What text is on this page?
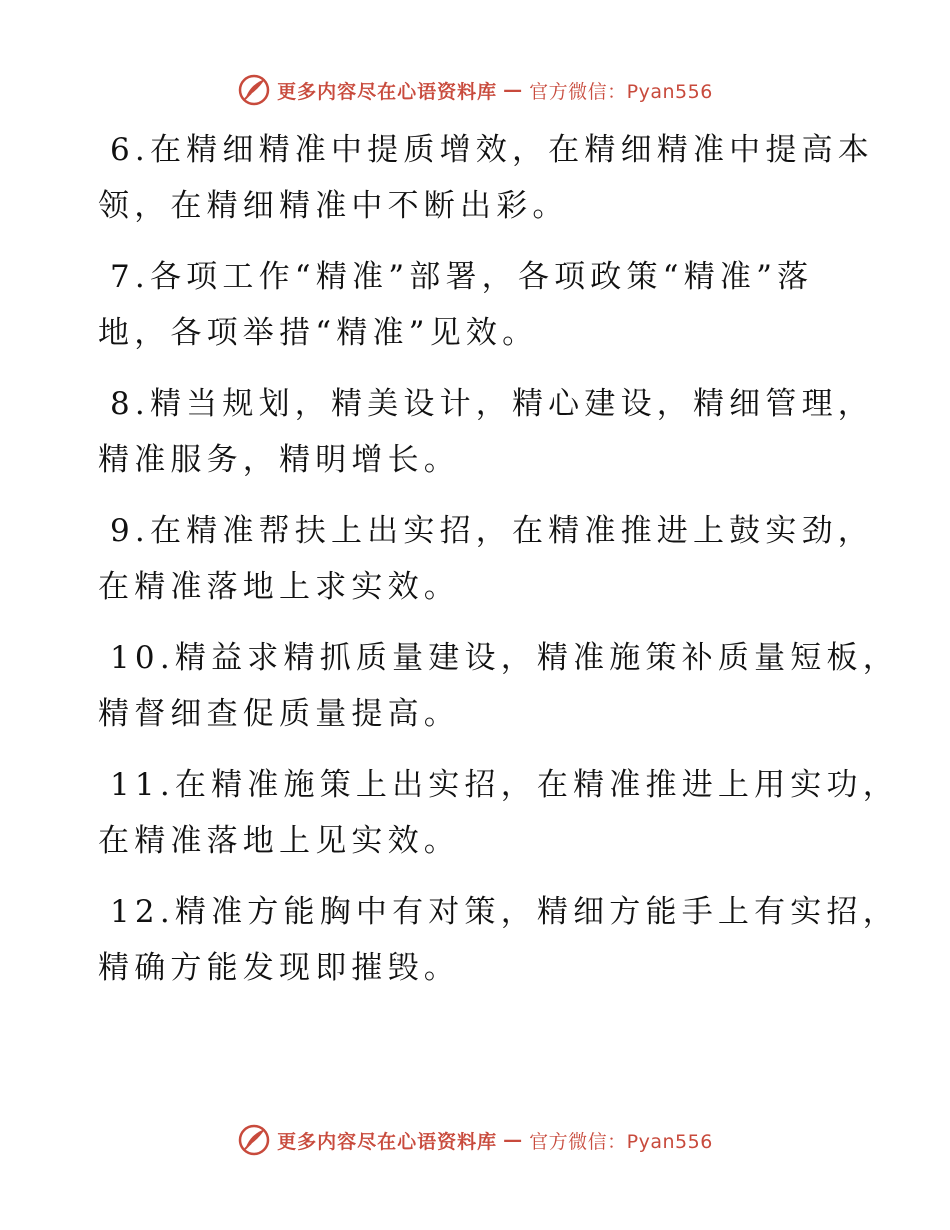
更多内容尽在心语资料库 — 官方微信：Pyan556
6.在精细精准中提质增效，在精细精准中提高本
领，在精细精准中不断出彩。
7.各项工作“精准”部署，各项政策“精准”落
地，各项举措“精准”见效。
8.精当规划，精美设计，精心建设，精细管理，
精准服务，精明增长。
9.在精准帮扶上出实招，在精准推进上鼓实劲，
在精准落地上求实效。
10.精益求精抓质量建设，精准施策补质量短板，
精督细查促质量提高。
11.在精准施策上出实招，在精准推进上用实功，
在精准落地上见实效。
12.精准方能胸中有对策，精细方能手上有实招，
精确方能发现即摧毁。
更多内容尽在心语资料库 — 官方微信：Pyan556
